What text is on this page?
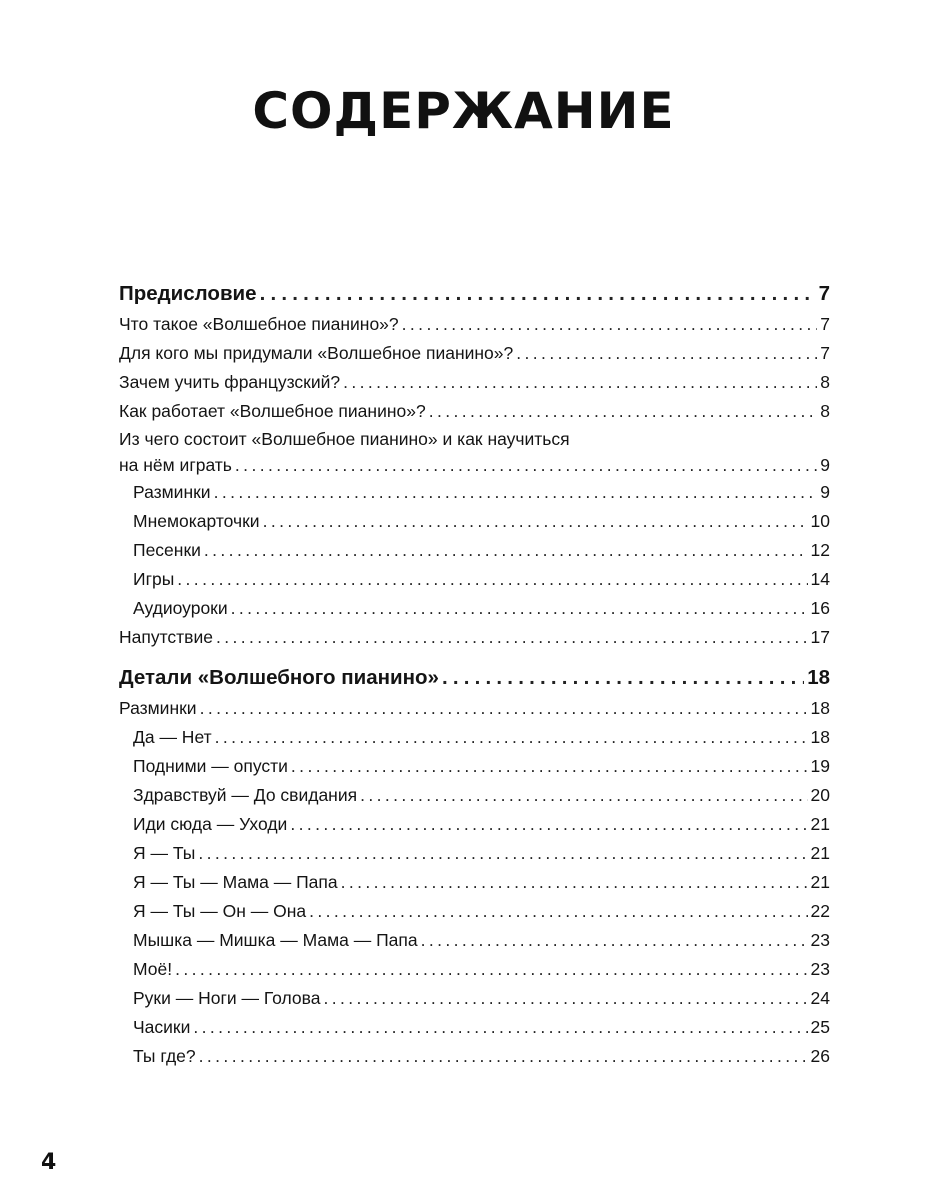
СОДЕРЖАНИЕ
Предисловие .....	7
Что такое «Волшебное пианино»? .....	7
Для кого мы придумали «Волшебное пианино»? .....	7
Зачем учить французский? .....	8
Как работает «Волшебное пианино»? .....	8
Из чего состоит «Волшебное пианино» и как научиться
на нём играть .....	9
Разминки .....	9
Мнемокарточки .....	10
Песенки .....	12
Игры .....	14
Аудиоуроки .....	16
Напутствие .....	17
Детали «Волшебного пианино» .....	18
Разминки .....	18
Да — Нет .....	18
Подними — опусти .....	19
Здравствуй — До свидания .....	20
Иди сюда — Уходи .....	21
Я — Ты .....	21
Я — Ты — Мама — Папа .....	21
Я — Ты — Он — Она .....	22
Мышка — Мишка — Мама — Папа .....	23
Моё! .....	23
Руки — Ноги — Голова .....	24
Часики .....	25
Ты где? .....	26
4
